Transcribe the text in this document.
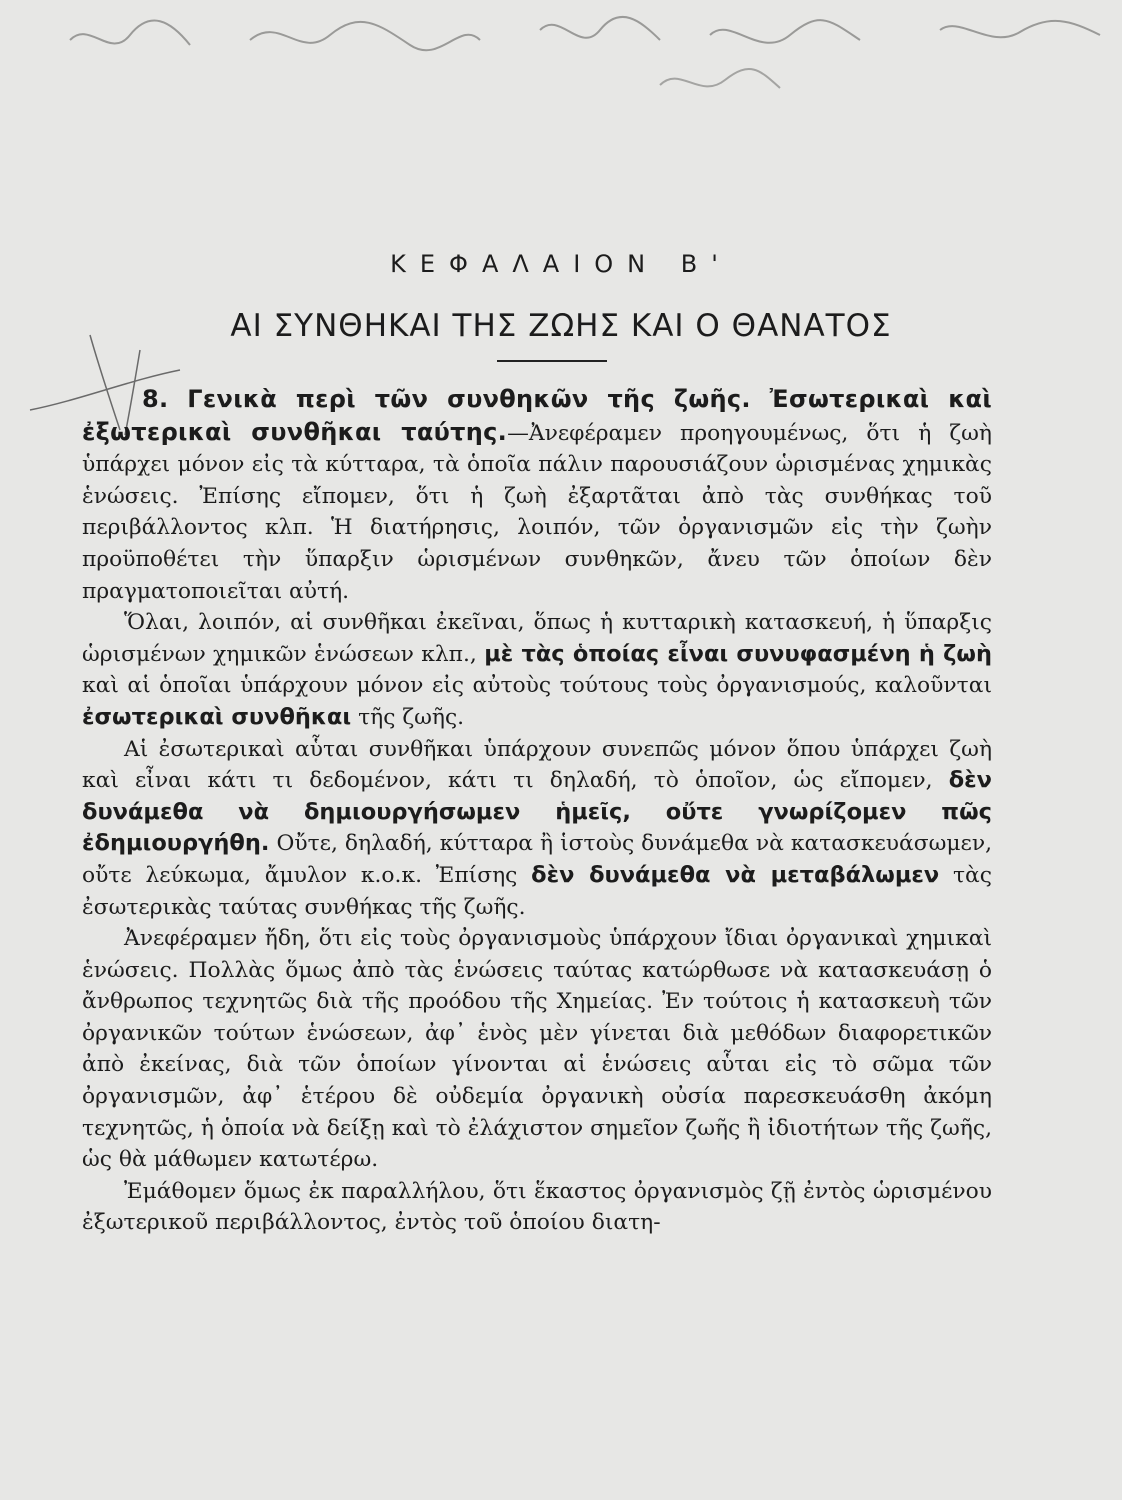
ΚΕΦΑΛΑΙΟΝ Β'
ΑΙ ΣΥΝΘΗΚΑΙ ΤΗΣ ΖΩΗΣ ΚΑΙ Ο ΘΑΝΑΤΟΣ

8. Γενικὰ περὶ τῶν συνθηκῶν τῆς ζωῆς. Ἐσωτερικαὶ καὶ ἐξωτερικαὶ συνθῆκαι ταύτης.—Ἀνεφέραμεν προηγουμένως, ὅτι ἡ ζωὴ ὑπάρχει μόνον εἰς τὰ κύτταρα, τὰ ὁποῖα πάλιν παρουσιάζουν ὡρισμένας χημικὰς ἑνώσεις. Ἐπίσης εἴπομεν, ὅτι ἡ ζωὴ ἐξαρτᾶται ἀπὸ τὰς συνθήκας τοῦ περιβάλλοντος κλπ. Ἡ διατήρησις, λοιπόν, τῶν ὀργανισμῶν εἰς τὴν ζωὴν προϋποθέτει τὴν ὕπαρξιν ὡρισμένων συνθηκῶν, ἄνευ τῶν ὁποίων δὲν πραγματοποιεῖται αὐτή.

Ὅλαι, λοιπόν, αἱ συνθῆκαι ἐκεῖναι, ὅπως ἡ κυτταρικὴ κατασκευή, ἡ ὕπαρξις ὡρισμένων χημικῶν ἑνώσεων κλπ., μὲ τὰς ὁποίας εἶναι συνυφασμένη ἡ ζωὴ καὶ αἱ ὁποῖαι ὑπάρχουν μόνον εἰς αὐτοὺς τούτους τοὺς ὀργανισμούς, καλοῦνται ἐσωτερικαὶ συνθῆκαι τῆς ζωῆς.

Αἱ ἐσωτερικαὶ αὗται συνθῆκαι ὑπάρχουν συνεπῶς μόνον ὅπου ὑπάρχει ζωὴ καὶ εἶναι κάτι τι δεδομένον, κάτι τι δηλαδή, τὸ ὁποῖον, ὡς εἴπομεν, δὲν δυνάμεθα νὰ δημιουργήσωμεν ἡμεῖς, οὔτε γνωρίζομεν πῶς ἐδημιουργήθη. Οὔτε, δηλαδή, κύτταρα ἢ ἱστοὺς δυνάμεθα νὰ κατασκευάσωμεν, οὔτε λεύκωμα, ἄμυλον κ.ο.κ. Ἐπίσης δὲν δυνάμεθα νὰ μεταβάλωμεν τὰς ἐσωτερικὰς ταύτας συνθήκας τῆς ζωῆς.

Ἀνεφέραμεν ἤδη, ὅτι εἰς τοὺς ὀργανισμοὺς ὑπάρχουν ἴδιαι ὀργανικαὶ χημικαὶ ἑνώσεις. Πολλὰς ὅμως ἀπὸ τὰς ἑνώσεις ταύτας κατώρθωσε νὰ κατασκευάσῃ ὁ ἄνθρωπος τεχνητῶς διὰ τῆς προόδου τῆς Χημείας. Ἐν τούτοις ἡ κατασκευὴ τῶν ὀργανικῶν τούτων ἑνώσεων, ἀφ᾽ ἑνὸς μὲν γίνεται διὰ μεθόδων διαφορετικῶν ἀπὸ ἐκείνας, διὰ τῶν ὁποίων γίνονται αἱ ἑνώσεις αὗται εἰς τὸ σῶμα τῶν ὀργανισμῶν, ἀφ᾽ ἑτέρου δὲ οὐδεμία ὀργανικὴ οὐσία παρεσκευάσθη ἀκόμη τεχνητῶς, ἡ ὁποία νὰ δείξῃ καὶ τὸ ἐλάχιστον σημεῖον ζωῆς ἢ ἰδιοτήτων τῆς ζωῆς, ὡς θὰ μάθωμεν κατωτέρω.

Ἐμάθομεν ὅμως ἐκ παραλλήλου, ὅτι ἕκαστος ὀργανισμὸς ζῇ ἐντὸς ὡρισμένου ἐξωτερικοῦ περιβάλλοντος, ἐντὸς τοῦ ὁποίου διατη-
